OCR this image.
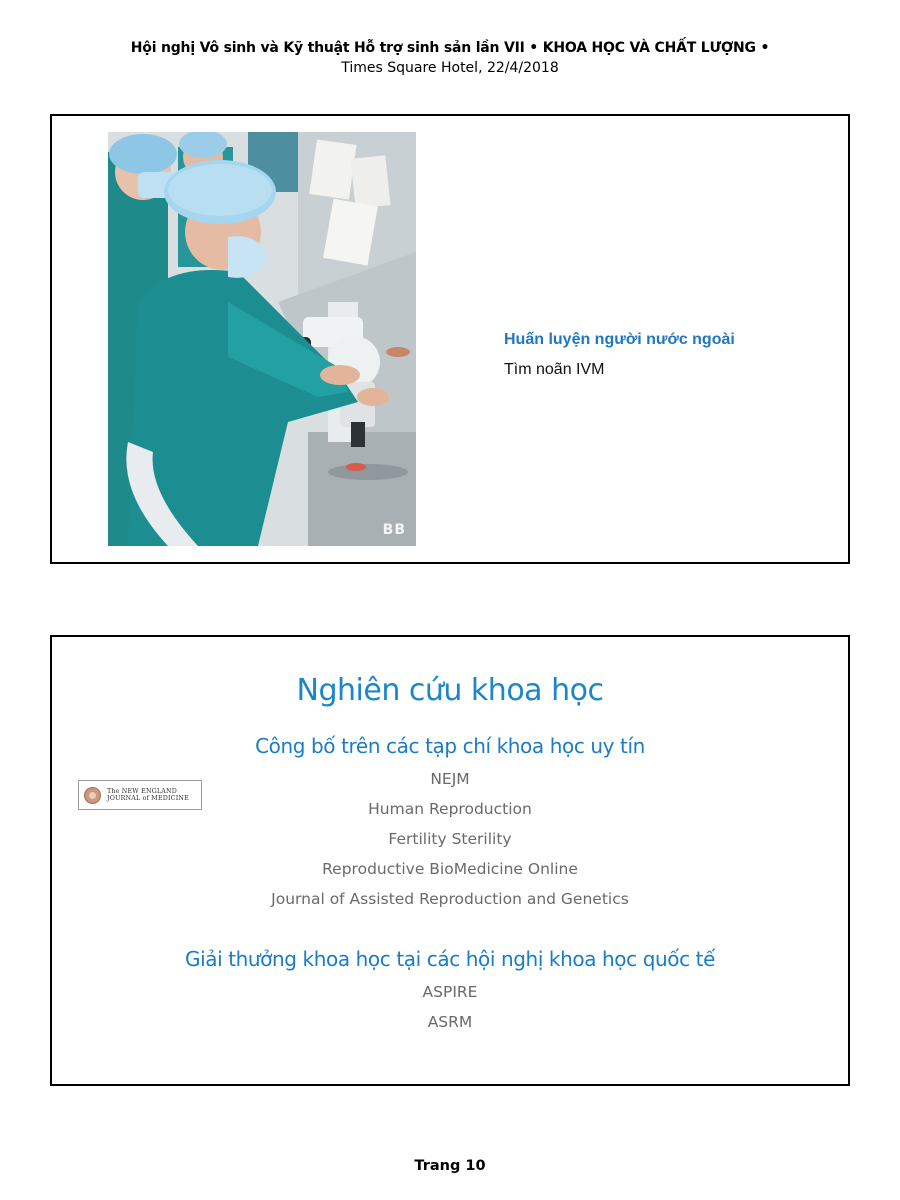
Hội nghị Vô sinh và Kỹ thuật Hỗ trợ sinh sản lần VII • KHOA HỌC VÀ CHẤT LƯỢNG •
Times Square Hotel, 22/4/2018
BB
Huấn luyện người nước ngoài
Tìm noãn IVM
Nghiên cứu khoa học
Công bố trên các tạp chí khoa học uy tín
NEJM
Human Reproduction
Fertility Sterility
Reproductive BioMedicine Online
Journal of Assisted Reproduction and Genetics
The NEW ENGLAND
JOURNAL of MEDICINE
Giải thưởng khoa học tại các hội nghị khoa học quốc tế
ASPIRE
ASRM
Trang 10
